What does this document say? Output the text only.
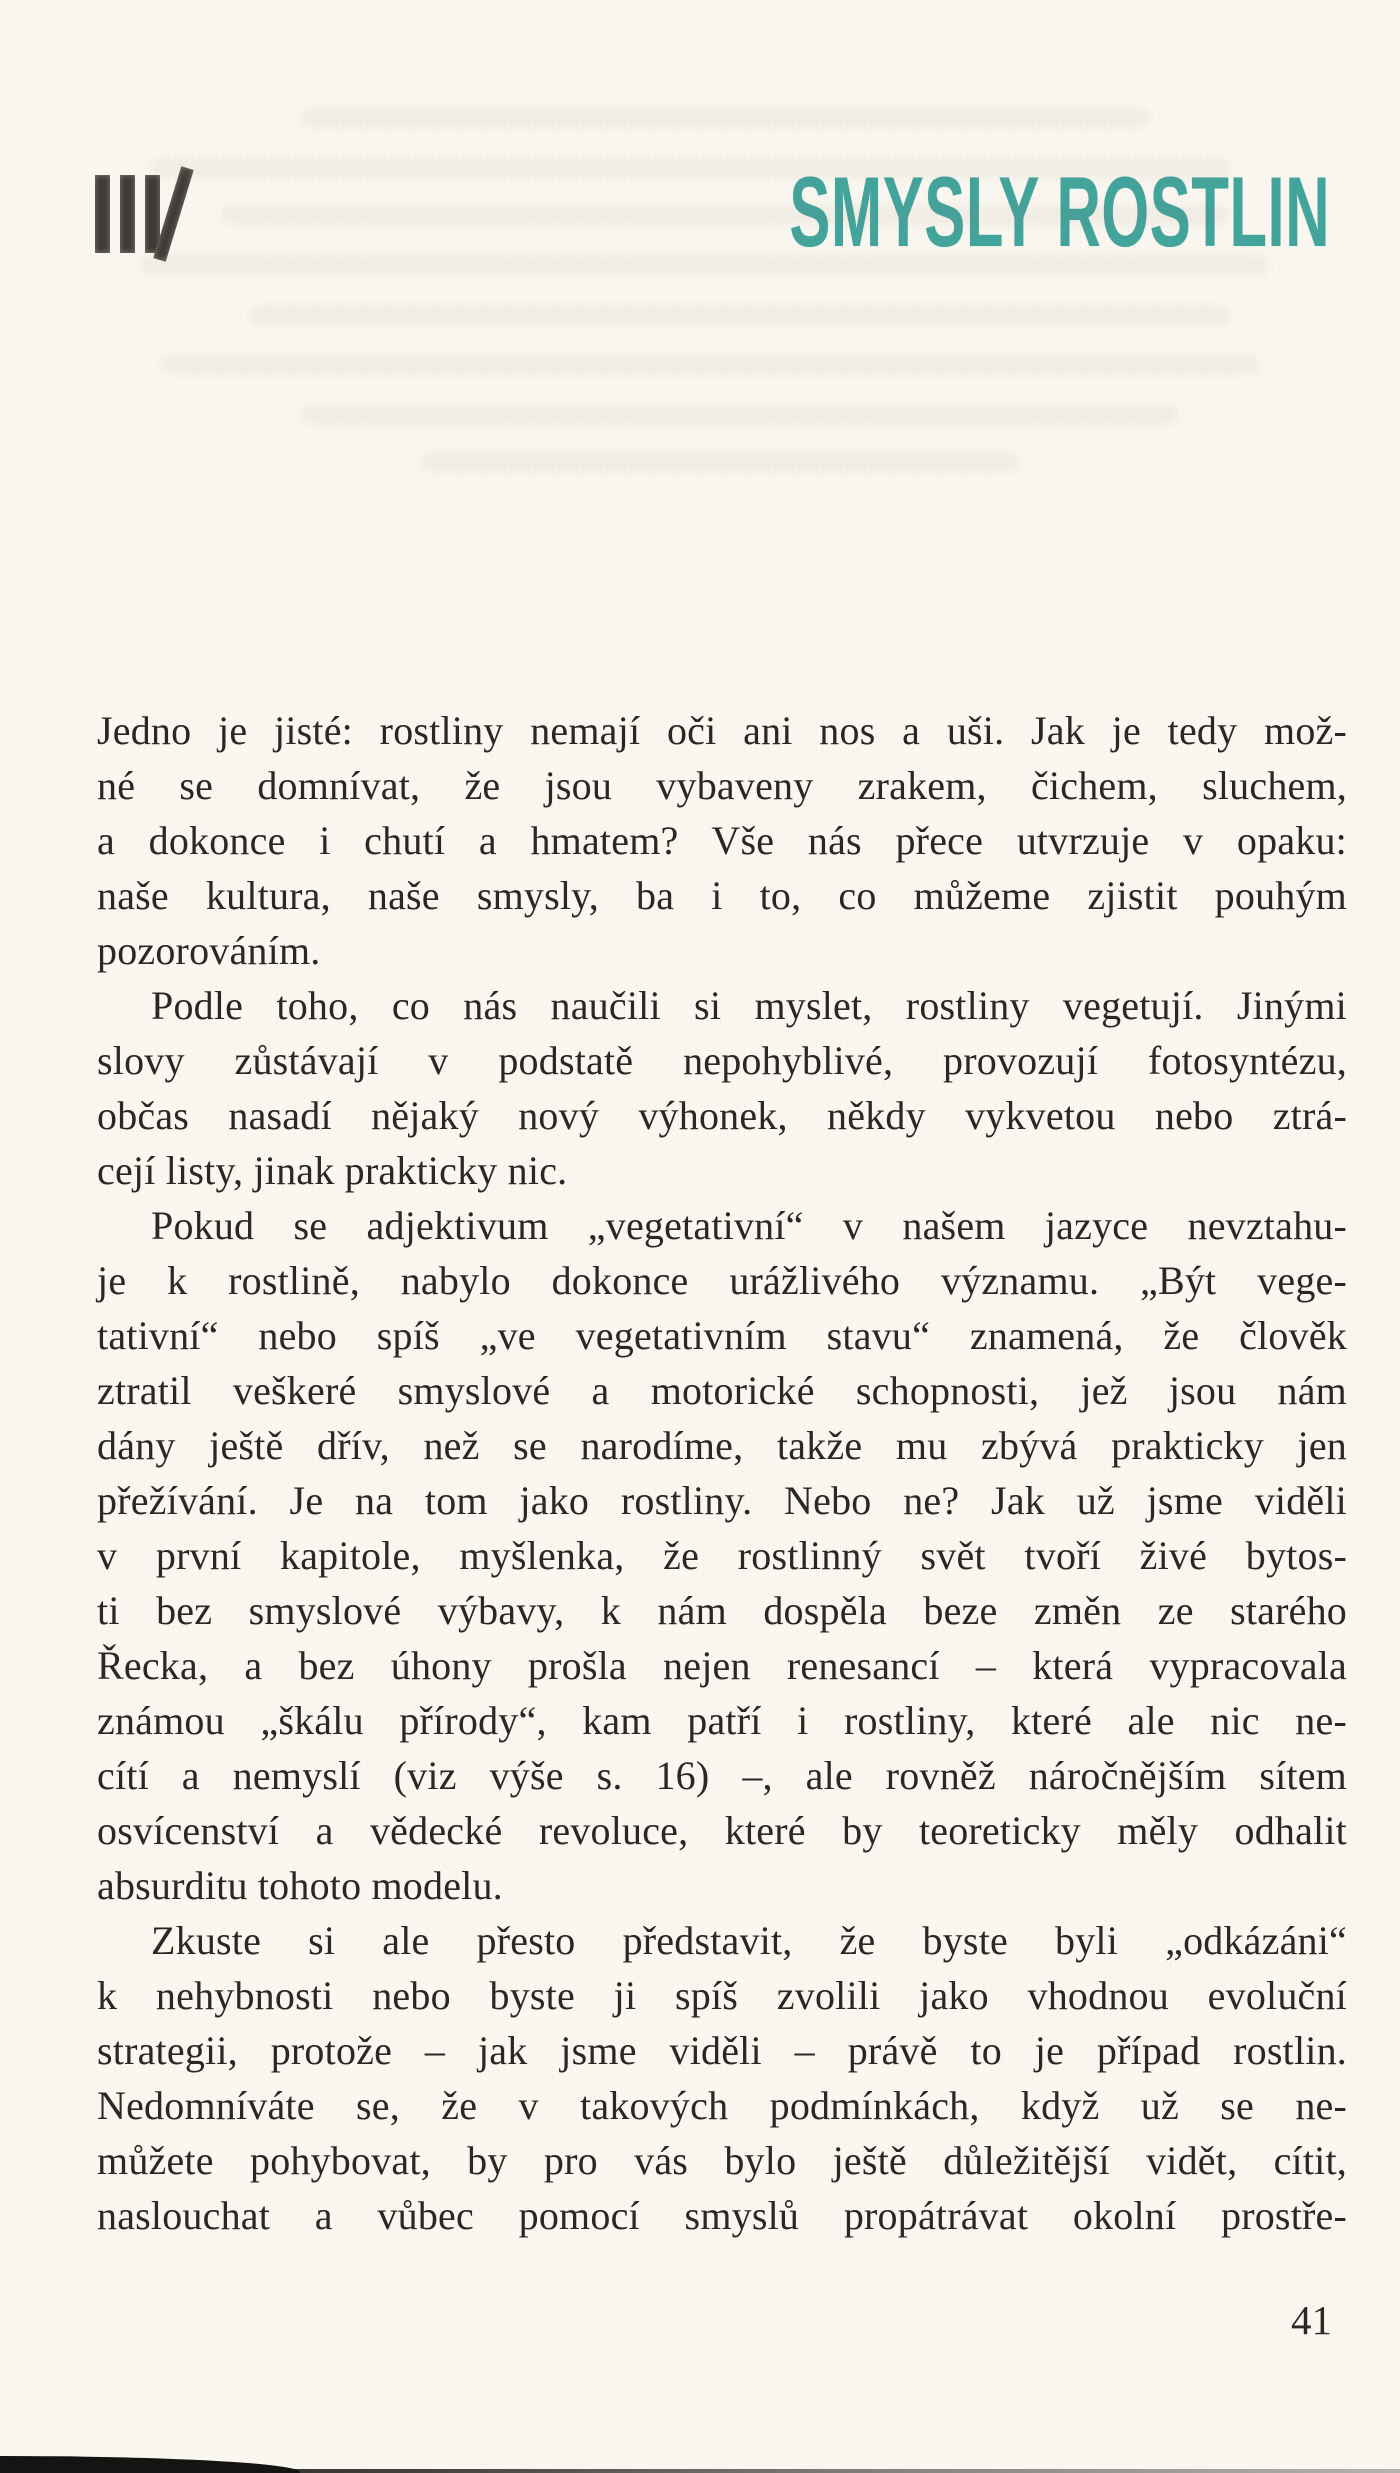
SMYSLY ROSTLIN
Jedno je jisté: rostliny nemají oči ani nos a uši. Jak je tedy mož-
né se domnívat, že jsou vybaveny zrakem, čichem, sluchem,
a dokonce i chutí a hmatem? Vše nás přece utvrzuje v opaku:
naše kultura, naše smysly, ba i to, co můžeme zjistit pouhým
pozorováním.
Podle toho, co nás naučili si myslet, rostliny vegetují. Jinými
slovy zůstávají v podstatě nepohyblivé, provozují fotosyntézu,
občas nasadí nějaký nový výhonek, někdy vykvetou nebo ztrá-
cejí listy, jinak prakticky nic.
Pokud se adjektivum „vegetativní“ v našem jazyce nevztahu-
je k rostlině, nabylo dokonce urážlivého významu. „Být vege-
tativní“ nebo spíš „ve vegetativním stavu“ znamená, že člověk
ztratil veškeré smyslové a motorické schopnosti, jež jsou nám
dány ještě dřív, než se narodíme, takže mu zbývá prakticky jen
přežívání. Je na tom jako rostliny. Nebo ne? Jak už jsme viděli
v první kapitole, myšlenka, že rostlinný svět tvoří živé bytos-
ti bez smyslové výbavy, k nám dospěla beze změn ze starého
Řecka, a bez úhony prošla nejen renesancí – která vypracovala
známou „škálu přírody“, kam patří i rostliny, které ale nic ne-
cítí a nemyslí (viz výše s. 16) –, ale rovněž náročnějším sítem
osvícenství a vědecké revoluce, které by teoreticky měly odhalit
absurditu tohoto modelu.
Zkuste si ale přesto představit, že byste byli „odkázáni“
k nehybnosti nebo byste ji spíš zvolili jako vhodnou evoluční
strategii, protože – jak jsme viděli – právě to je případ rostlin.
Nedomníváte se, že v takových podmínkách, když už se ne-
můžete pohybovat, by pro vás bylo ještě důležitější vidět, cítit,
naslouchat a vůbec pomocí smyslů propátrávat okolní prostře-
41
